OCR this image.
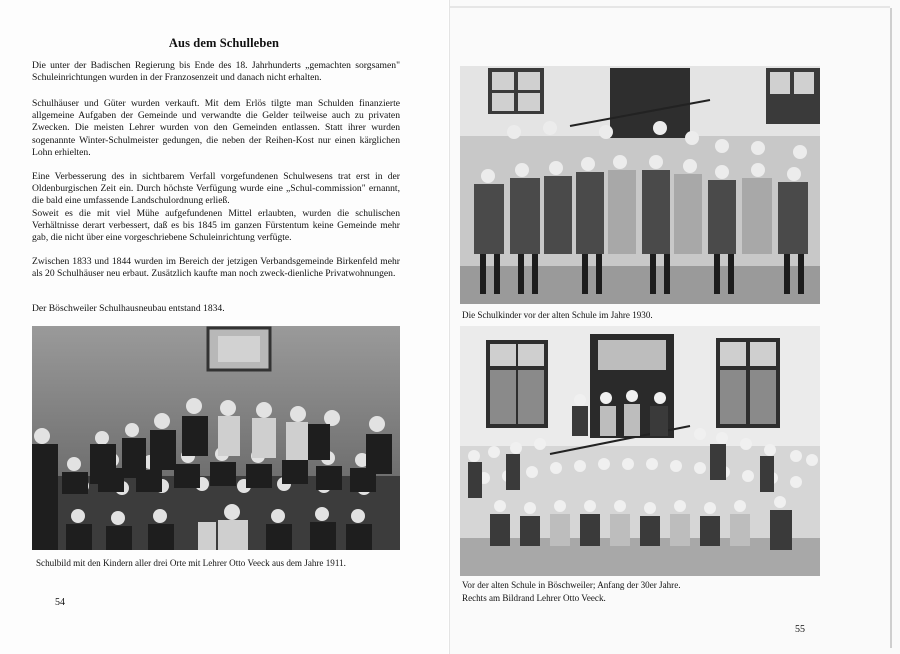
Aus dem Schulleben

Die unter der Badischen Regierung bis Ende des 18. Jahrhunderts „gemachten sorgsamen" Schuleinrichtungen wurden in der Franzosenzeit und danach nicht erhalten.

Schulhäuser und Güter wurden verkauft. Mit dem Erlös tilgte man Schulden finanzierte allgemeine Aufgaben der Gemeinde und verwandte die Gelder teilweise auch zu privaten Zwecken. Die meisten Lehrer wurden von den Gemeinden entlassen. Statt ihrer wurden sogenannte Winter-Schulmeister gedungen, die neben der Reihen-Kost nur einen kärglichen Lohn erhielten.

Eine Verbesserung des in sichtbarem Verfall vorgefundenen Schulwesens trat erst in der Oldenburgischen Zeit ein. Durch höchste Verfügung wurde eine „Schul-commission" ernannt, die bald eine umfassende Landschulordnung erließ.

Soweit es die mit viel Mühe aufgefundenen Mittel erlaubten, wurden die schulischen Verhältnisse derart verbessert, daß es bis 1845 im ganzen Fürstentum keine Gemeinde mehr gab, die nicht über eine vorgeschriebene Schuleinrichtung verfügte.

Zwischen 1833 und 1844 wurden im Bereich der jetzigen Verbandsgemeinde Birkenfeld mehr als 20 Schulhäuser neu erbaut. Zusätzlich kaufte man noch zweck-dienliche Privatwohnungen.

Der Böschweiler Schulhausneubau entstand 1834.

Schulbild mit den Kindern aller drei Orte mit Lehrer Otto Veeck aus dem Jahre 1911.

54

Die Schulkinder vor der alten Schule im Jahre 1930.

Vor der alten Schule in Böschweiler; Anfang der 30er Jahre.

Rechts am Bildrand Lehrer Otto Veeck.

55
